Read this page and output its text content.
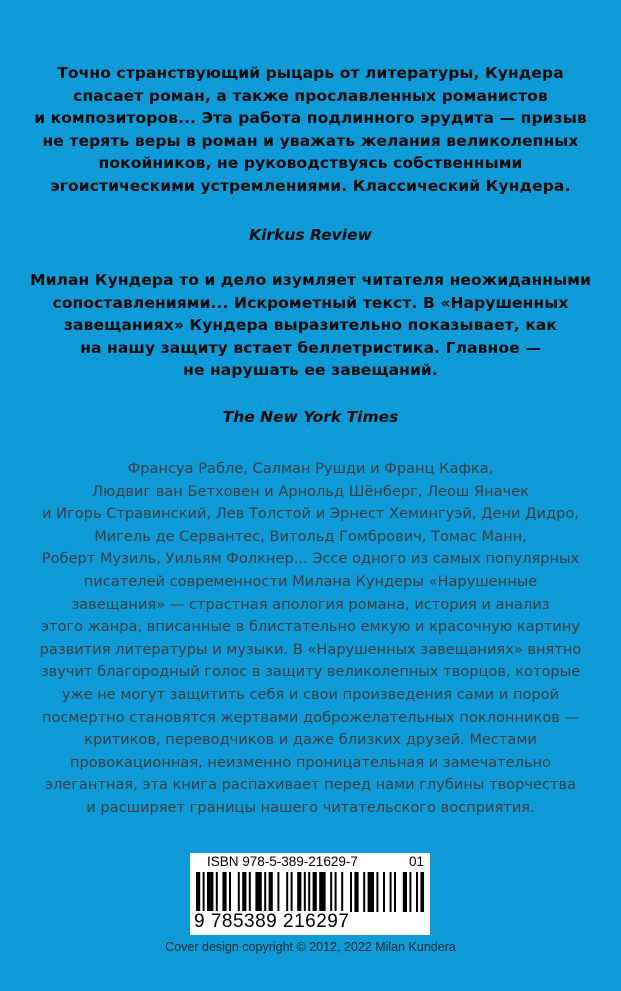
Точно странствующий рыцарь от литературы, Кундера
спасает роман, а также прославленных романистов
и композиторов... Эта работа подлинного эрудита — призыв
не терять веры в роман и уважать желания великолепных
покойников, не руководствуясь собственными
эгоистическими устремлениями. Классический Кундера.
Kirkus Review
Милан Кундера то и дело изумляет читателя неожиданными
сопоставлениями... Искрометный текст. В «Нарушенных
завещаниях» Кундера выразительно показывает, как
на нашу защиту встает беллетристика. Главное —
не нарушать ее завещаний.
The New York Times
Франсуа Рабле, Салман Рушди и Франц Кафка,
Людвиг ван Бетховен и Арнольд Шёнберг, Леош Яначек
и Игорь Стравинский, Лев Толстой и Эрнест Хемингуэй, Дени Дидро,
Мигель де Сервантес, Витольд Гомбрович, Томас Манн,
Роберт Музиль, Уильям Фолкнер... Эссе одного из самых популярных
писателей современности Милана Кундеры «Нарушенные
завещания» — страстная апология романа, история и анализ
этого жанра, вписанные в блистательно емкую и красочную картину
развития литературы и музыки. В «Нарушенных завещаниях» внятно
звучит благородный голос в защиту великолепных творцов, которые
уже не могут защитить себя и свои произведения сами и порой
посмертно становятся жертвами доброжелательных поклонников —
критиков, переводчиков и даже близких друзей. Местами
провокационная, неизменно проницательная и замечательно
элегантная, эта книга распахивает перед нами глубины творчества
и расширяет границы нашего читательского восприятия.
ISBN 978-5-389-21629-7	01
9 785389 216297
Cover design copyright © 2012, 2022 Milan Kundera
